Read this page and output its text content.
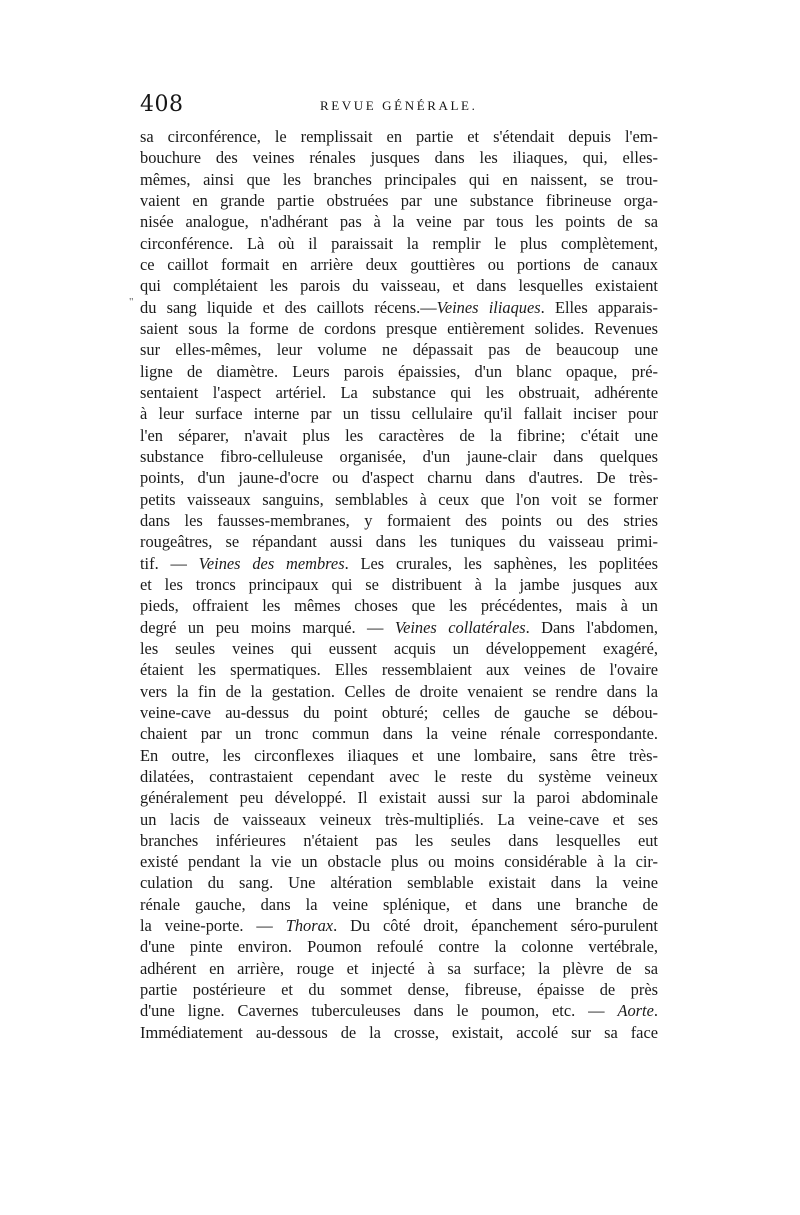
408	REVUE GÉNÉRALE.
"
sa circonférence, le remplissait en partie et s'étendait depuis l'em-
bouchure des veines rénales jusques dans les iliaques, qui, elles-
mêmes, ainsi que les branches principales qui en naissent, se trou-
vaient en grande partie obstruées par une substance fibrineuse orga-
nisée analogue, n'adhérant pas à la veine par tous les points de sa
circonférence. Là où il paraissait la remplir le plus complètement,
ce caillot formait en arrière deux gouttières ou portions de canaux
qui complétaient les parois du vaisseau, et dans lesquelles existaient
du sang liquide et des caillots récens.—Veines iliaques. Elles apparais-
saient sous la forme de cordons presque entièrement solides. Revenues
sur elles-mêmes, leur volume ne dépassait pas de beaucoup une
ligne de diamètre. Leurs parois épaissies, d'un blanc opaque, pré-
sentaient l'aspect artériel. La substance qui les obstruait, adhérente
à leur surface interne par un tissu cellulaire qu'il fallait inciser pour
l'en séparer, n'avait plus les caractères de la fibrine; c'était une
substance fibro-celluleuse organisée, d'un jaune-clair dans quelques
points, d'un jaune-d'ocre ou d'aspect charnu dans d'autres. De très-
petits vaisseaux sanguins, semblables à ceux que l'on voit se former
dans les fausses-membranes, y formaient des points ou des stries
rougeâtres, se répandant aussi dans les tuniques du vaisseau primi-
tif. — Veines des membres. Les crurales, les saphènes, les poplitées
et les troncs principaux qui se distribuent à la jambe jusques aux
pieds, offraient les mêmes choses que les précédentes, mais à un
degré un peu moins marqué. — Veines collatérales. Dans l'abdomen,
les seules veines qui eussent acquis un développement exagéré,
étaient les spermatiques. Elles ressemblaient aux veines de l'ovaire
vers la fin de la gestation. Celles de droite venaient se rendre dans la
veine-cave au-dessus du point obturé; celles de gauche se débou-
chaient par un tronc commun dans la veine rénale correspondante.
En outre, les circonflexes iliaques et une lombaire, sans être très-
dilatées, contrastaient cependant avec le reste du système veineux
généralement peu développé. Il existait aussi sur la paroi abdominale
un lacis de vaisseaux veineux très-multipliés. La veine-cave et ses
branches inférieures n'étaient pas les seules dans lesquelles eut
existé pendant la vie un obstacle plus ou moins considérable à la cir-
culation du sang. Une altération semblable existait dans la veine
rénale gauche, dans la veine splénique, et dans une branche de
la veine-porte. — Thorax. Du côté droit, épanchement séro-purulent
d'une pinte environ. Poumon refoulé contre la colonne vertébrale,
adhérent en arrière, rouge et injecté à sa surface; la plèvre de sa
partie postérieure et du sommet dense, fibreuse, épaisse de près
d'une ligne. Cavernes tuberculeuses dans le poumon, etc. — Aorte.
Immédiatement au-dessous de la crosse, existait, accolé sur sa face
